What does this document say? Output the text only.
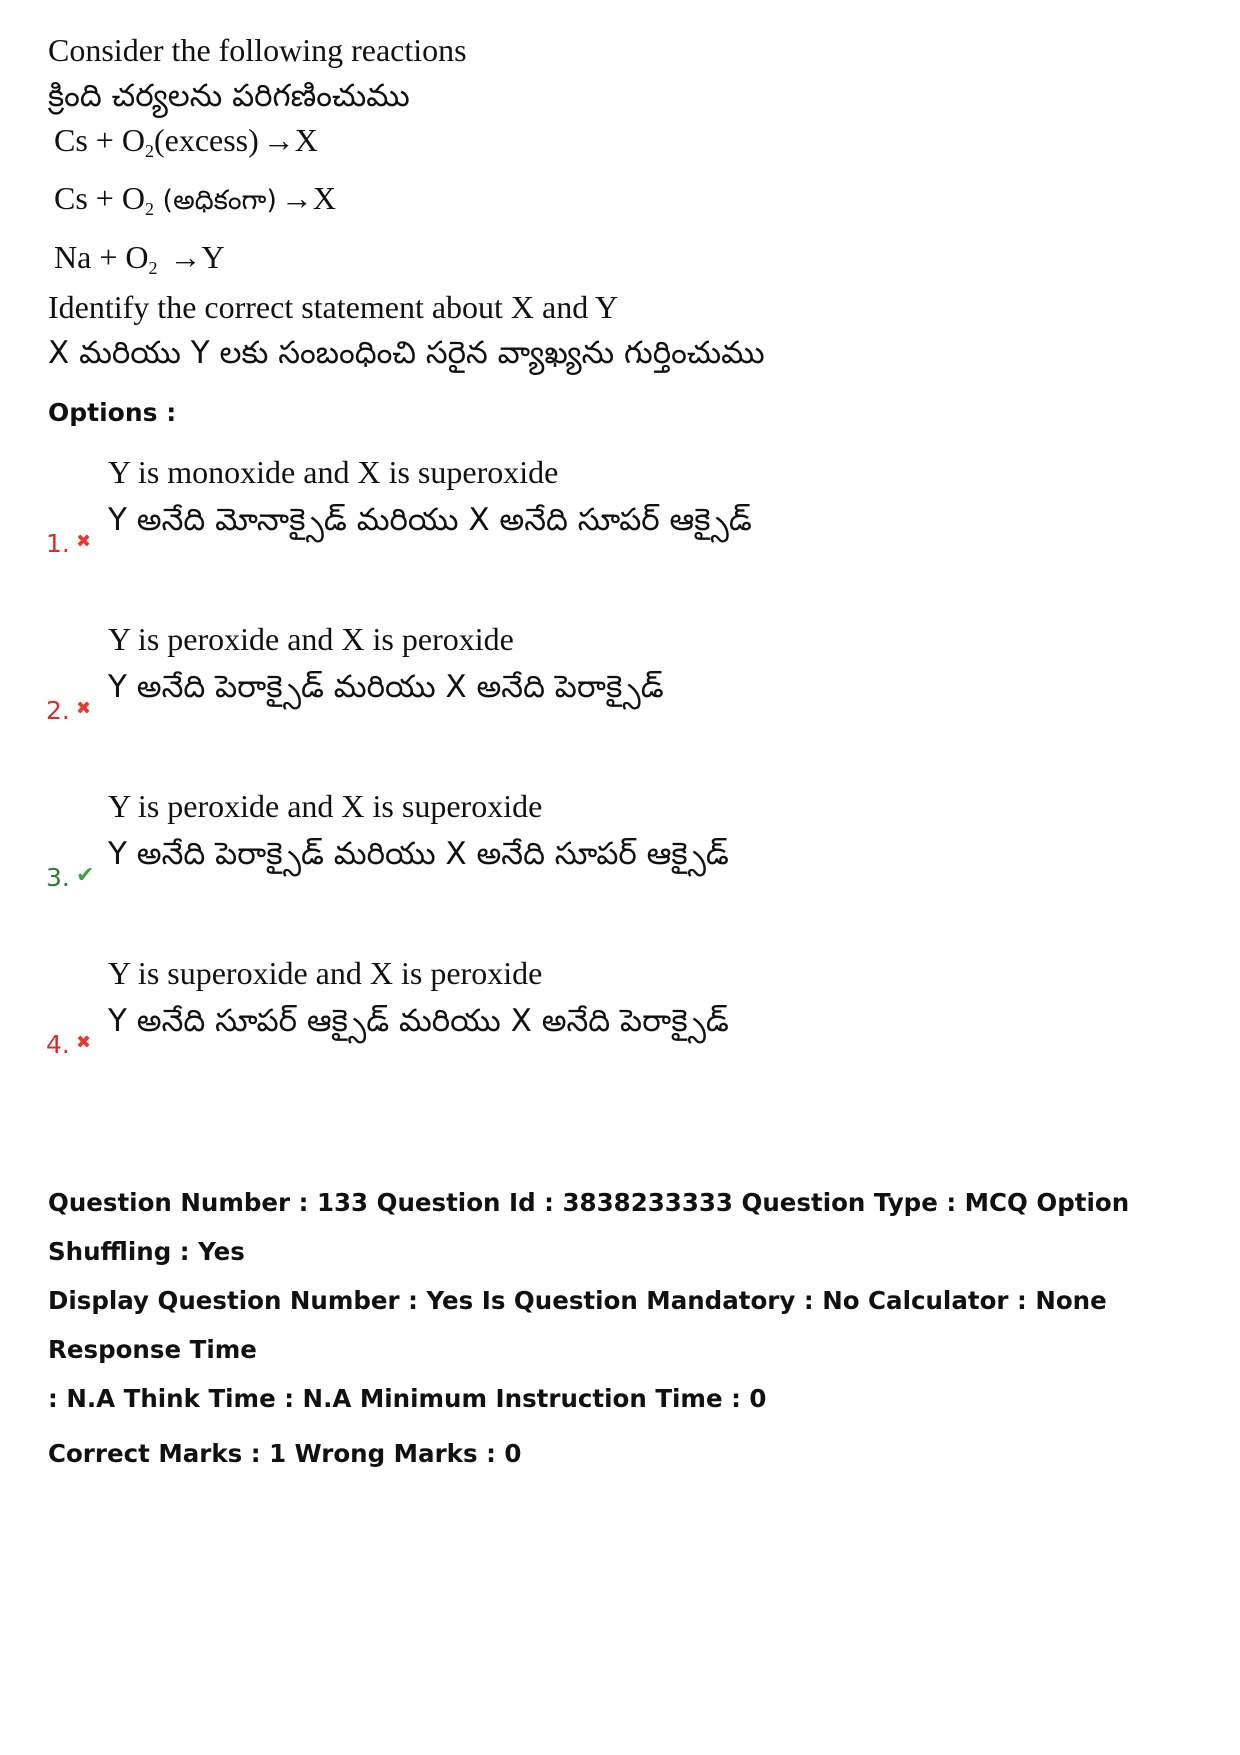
Consider the following reactions
క్రింది చర్యలను పరిగణించుము
$Cs + O_2(excess) \to X$
$Cs + O_2$ (అధికంగా) →X
$Na + O_2 \to Y$
Identify the correct statement about X and Y
X మరియు Y లకు సంబంధించి సరైన వ్యాఖ్యను గుర్తించుము
Options :
1. ✖
Y is monoxide and X is superoxide
Y అనేది మోనాక్సైడ్ మరియు X అనేది సూపర్ ఆక్సైడ్
2. ✖
Y is peroxide and X is peroxide
Y అనేది పెరాక్సైడ్ మరియు X అనేది పెరాక్సైడ్
3. ✔
Y is peroxide and X is superoxide
Y అనేది పెరాక్సైడ్ మరియు X అనేది సూపర్ ఆక్సైడ్
4. ✖
Y is superoxide and X is peroxide
Y అనేది సూపర్ ఆక్సైడ్ మరియు X అనేది పెరాక్సైడ్
Question Number : 133 Question Id : 3838233333 Question Type : MCQ Option Shuffling : Yes
Display Question Number : Yes Is Question Mandatory : No Calculator : None Response Time
: N.A Think Time : N.A Minimum Instruction Time : 0
Correct Marks : 1 Wrong Marks : 0
